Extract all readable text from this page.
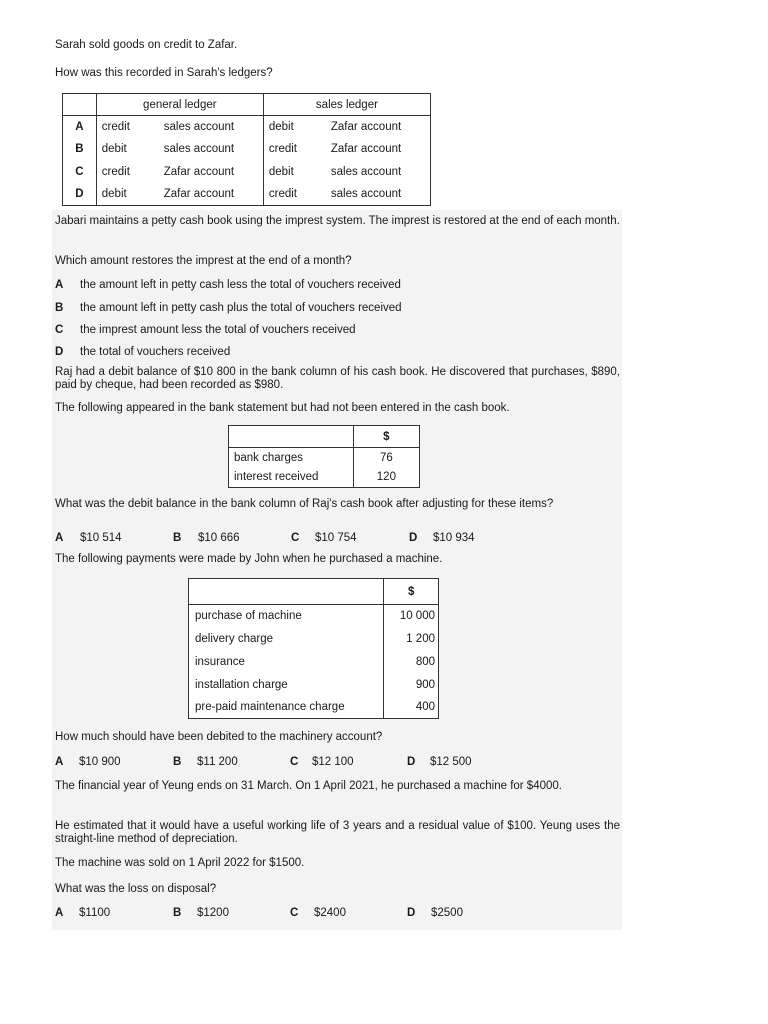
Sarah sold goods on credit to Zafar.

How was this recorded in Sarah's ledgers?

	general ledger	sales ledger
A	credit sales account	debit Zafar account
B	debit sales account	credit Zafar account
C	credit Zafar account	debit sales account
D	debit Zafar account	credit sales account

Jabari maintains a petty cash book using the imprest system. The imprest is restored at the end of each month.

Which amount restores the imprest at the end of a month?

A the amount left in petty cash less the total of vouchers received
B the amount left in petty cash plus the total of vouchers received
C the imprest amount less the total of vouchers received
D the total of vouchers received

Raj had a debit balance of $10 800 in the bank column of his cash book. He discovered that purchases, $890, paid by cheque, had been recorded as $980.

The following appeared in the bank statement but had not been entered in the cash book.

	$
bank charges	76
interest received	120

What was the debit balance in the bank column of Raj's cash book after adjusting for these items?

A $10 514	B $10 666	C $10 754	D $10 934

The following payments were made by John when he purchased a machine.

	$
purchase of machine	10 000
delivery charge	1 200
insurance	800
installation charge	900
pre-paid maintenance charge	400

How much should have been debited to the machinery account?

A $10 900	B $11 200	C $12 100	D $12 500

The financial year of Yeung ends on 31 March. On 1 April 2021, he purchased a machine for $4000.

He estimated that it would have a useful working life of 3 years and a residual value of $100. Yeung uses the straight-line method of depreciation.

The machine was sold on 1 April 2022 for $1500.

What was the loss on disposal?

A $1100	B $1200	C $2400	D $2500
